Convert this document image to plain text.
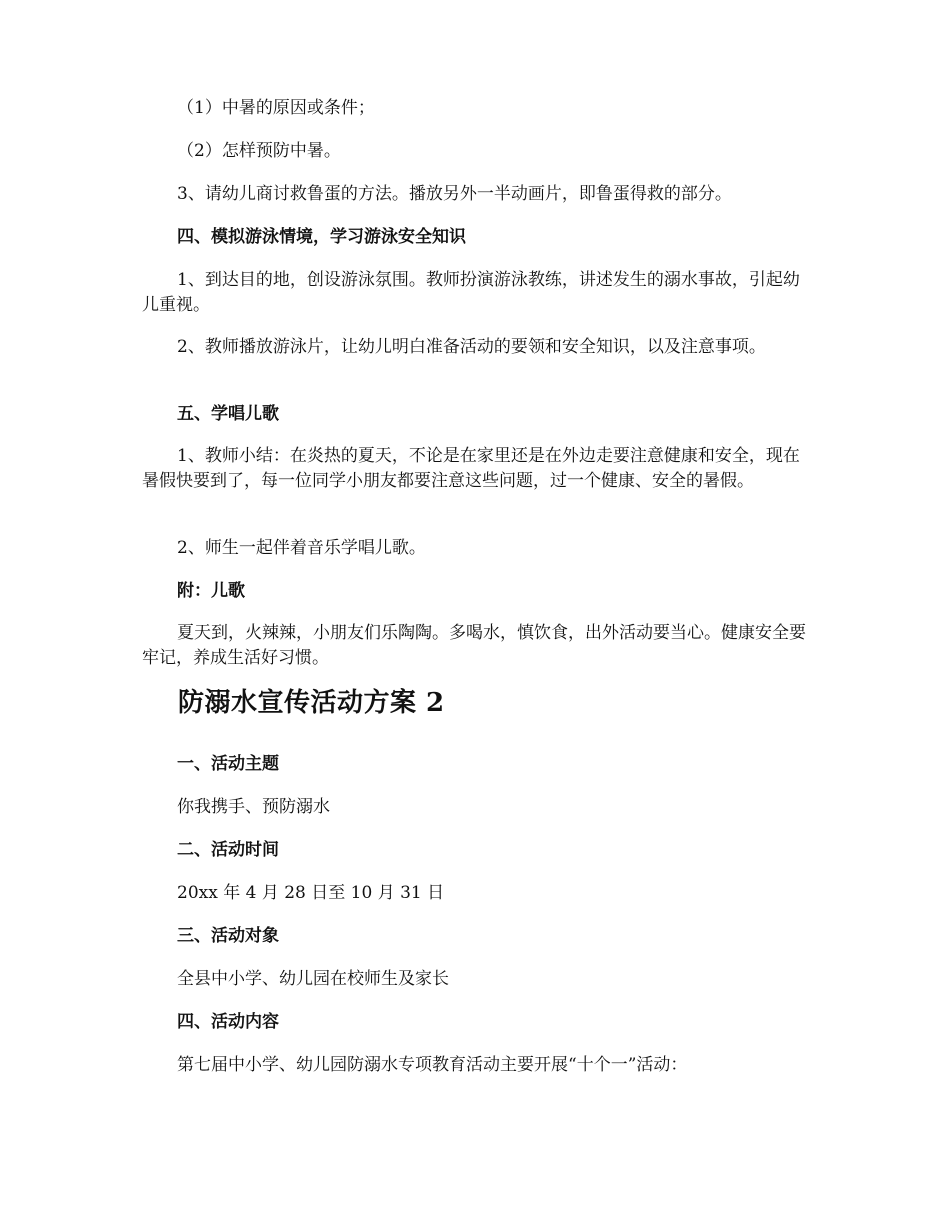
（1）中暑的原因或条件；

（2）怎样预防中暑。

3、请幼儿商讨救鲁蛋的方法。播放另外一半动画片，即鲁蛋得救的部分。

四、模拟游泳情境，学习游泳安全知识

1、到达目的地，创设游泳氛围。教师扮演游泳教练，讲述发生的溺水事故，引起幼儿重视。

2、教师播放游泳片，让幼儿明白准备活动的要领和安全知识，以及注意事项。

五、学唱儿歌

1、教师小结：在炎热的夏天，不论是在家里还是在外边走要注意健康和安全，现在暑假快要到了，每一位同学小朋友都要注意这些问题，过一个健康、安全的暑假。

2、师生一起伴着音乐学唱儿歌。

附：儿歌

夏天到，火辣辣，小朋友们乐陶陶。多喝水，慎饮食，出外活动要当心。健康安全要牢记，养成生活好习惯。

防溺水宣传活动方案 2

一、活动主题

你我携手、预防溺水

二、活动时间

20xx 年 4 月 28 日至 10 月 31 日

三、活动对象

全县中小学、幼儿园在校师生及家长

四、活动内容

第七届中小学、幼儿园防溺水专项教育活动主要开展“十个一”活动：
